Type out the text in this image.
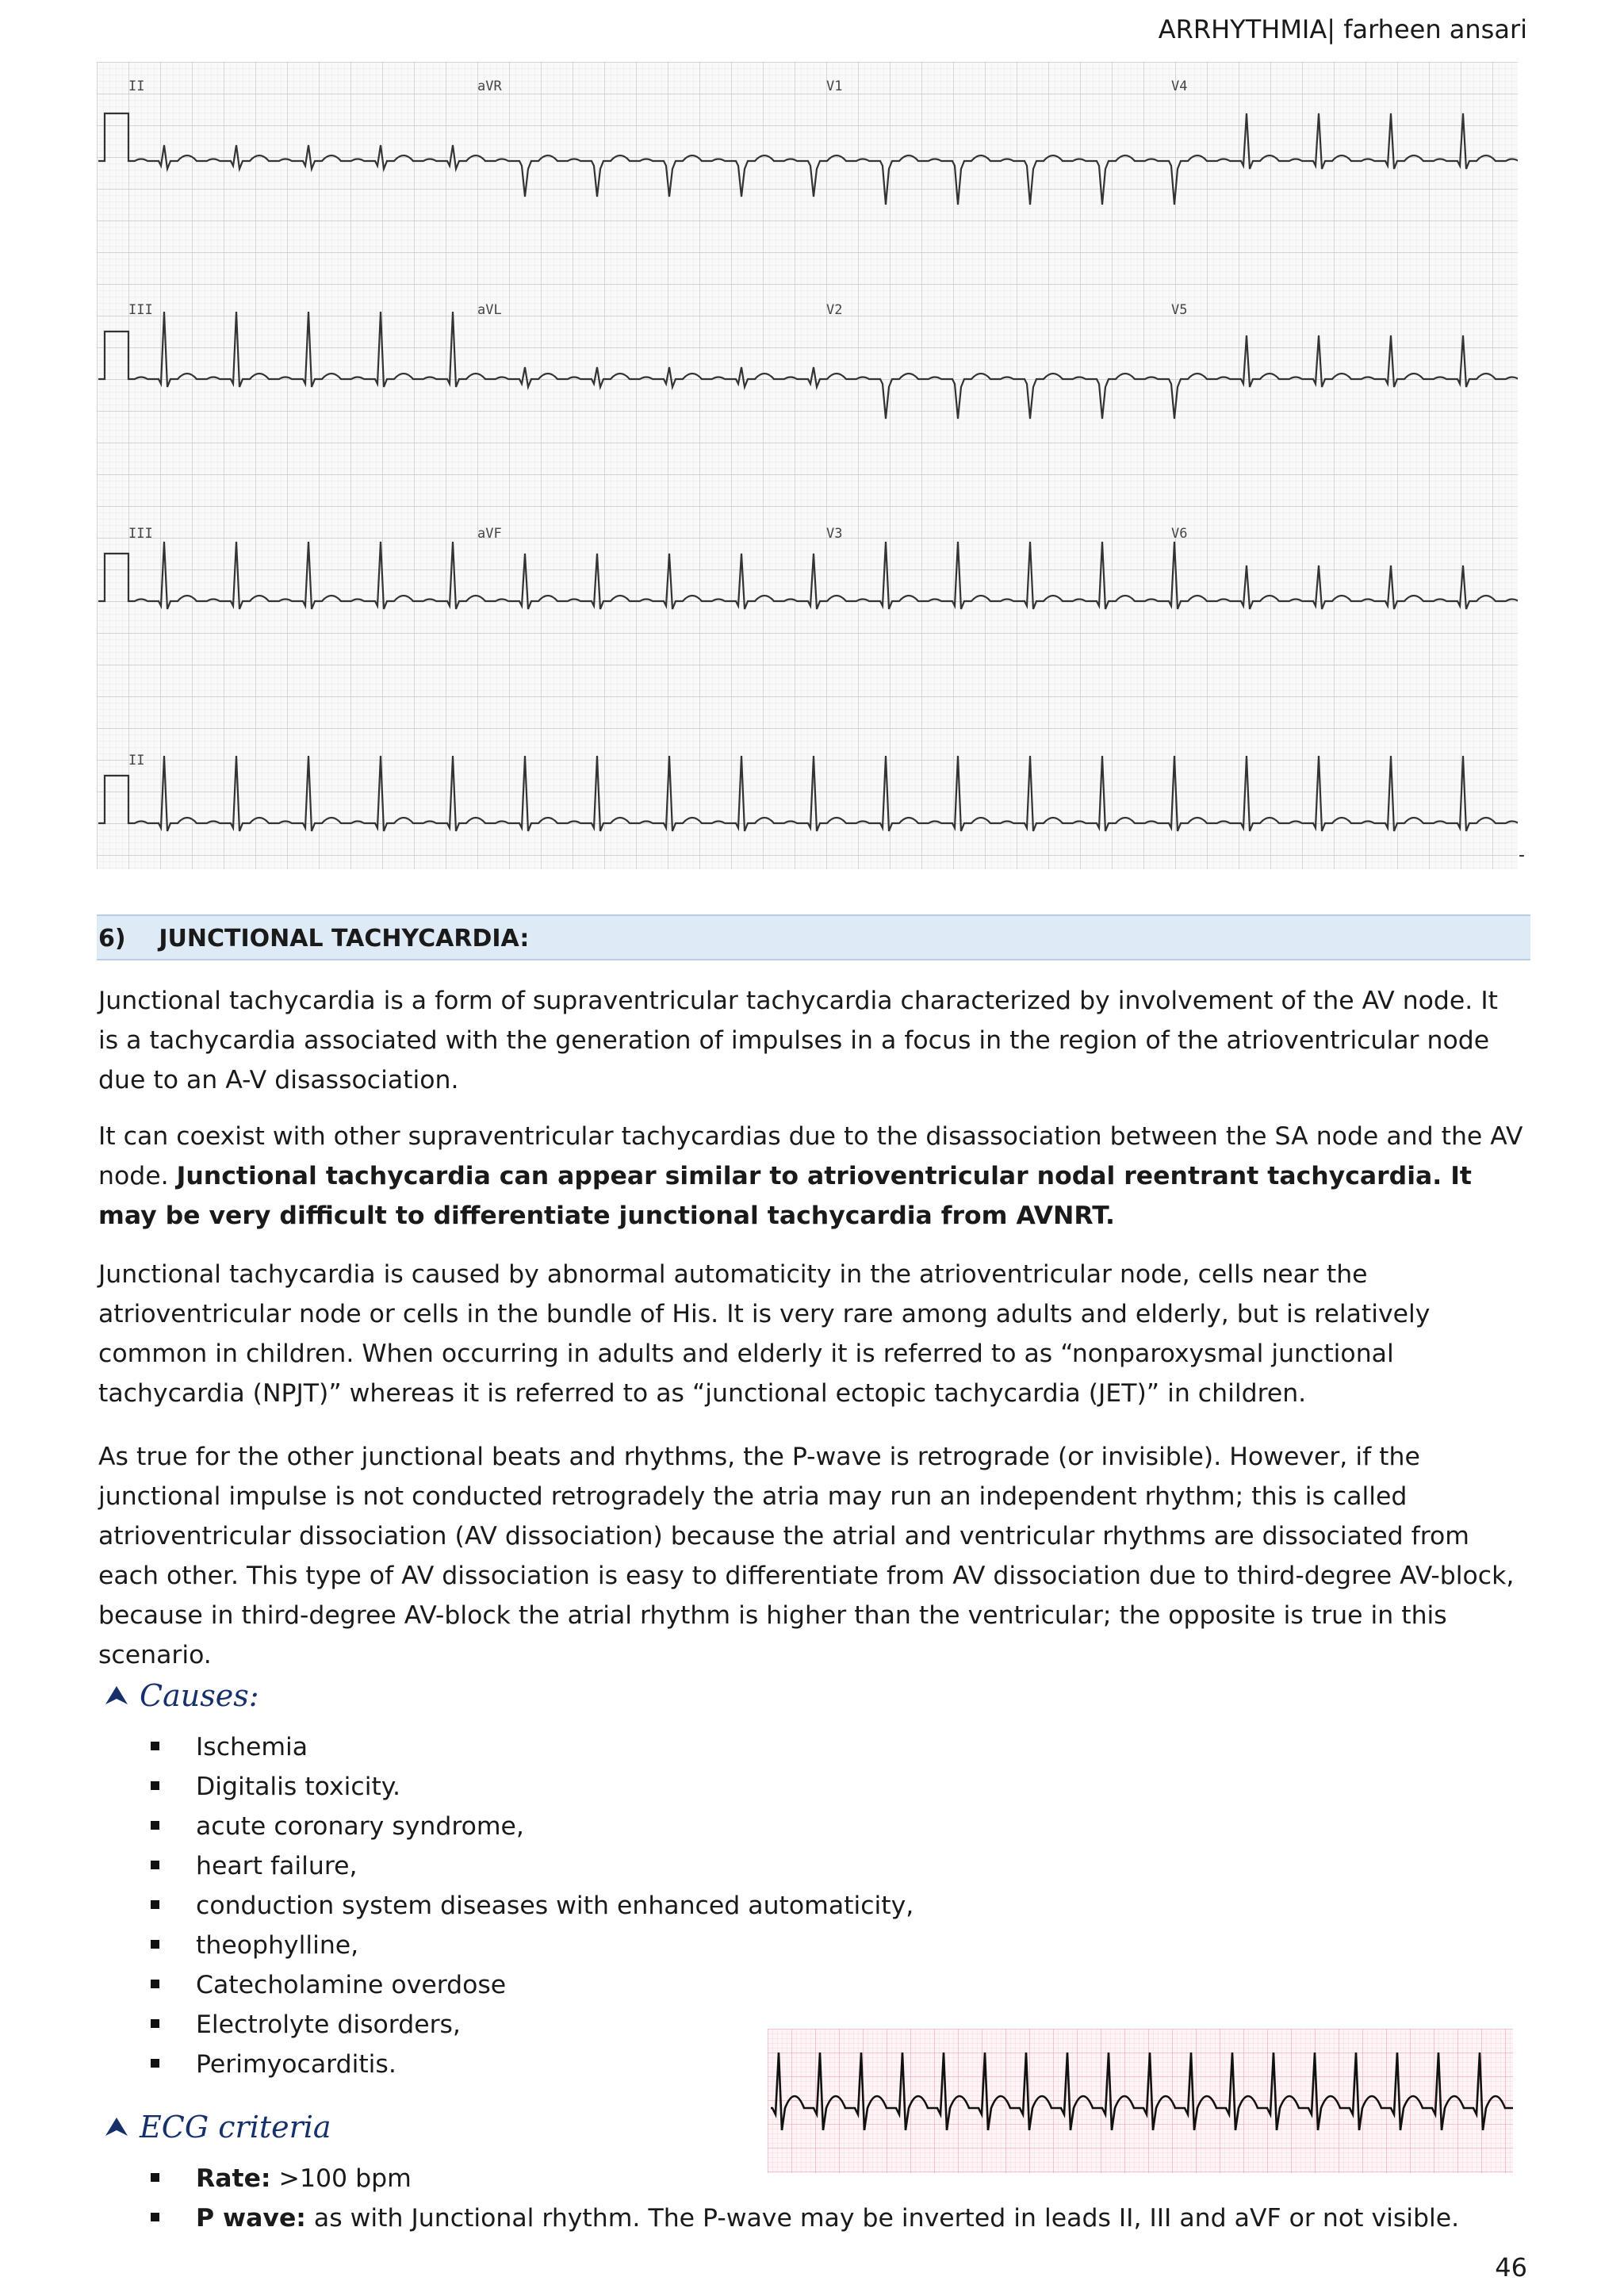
ARRHYTHMIA| farheen ansari
II	aVR	V1	V4
III	aVL	V2	V5
III	aVF	V3	V6
II
-
6)    JUNCTIONAL TACHYCARDIA:

Junctional tachycardia is a form of supraventricular tachycardia characterized by involvement of the AV node. It is a tachycardia associated with the generation of impulses in a focus in the region of the atrioventricular node due to an A-V disassociation.

It can coexist with other supraventricular tachycardias due to the disassociation between the SA node and the AV node. Junctional tachycardia can appear similar to atrioventricular nodal reentrant tachycardia. It may be very difficult to differentiate junctional tachycardia from AVNRT.

Junctional tachycardia is caused by abnormal automaticity in the atrioventricular node, cells near the atrioventricular node or cells in the bundle of His. It is very rare among adults and elderly, but is relatively common in children. When occurring in adults and elderly it is referred to as “nonparoxysmal junctional tachycardia (NPJT)” whereas it is referred to as “junctional ectopic tachycardia (JET)” in children.

As true for the other junctional beats and rhythms, the P-wave is retrograde (or invisible). However, if the junctional impulse is not conducted retrogradely the atria may run an independent rhythm; this is called atrioventricular dissociation (AV dissociation) because the atrial and ventricular rhythms are dissociated from each other. This type of AV dissociation is easy to differentiate from AV dissociation due to third-degree AV-block, because in third-degree AV-block the atrial rhythm is higher than the ventricular; the opposite is true in this scenario.

Causes:
Ischemia
Digitalis toxicity.
acute coronary syndrome,
heart failure,
conduction system diseases with enhanced automaticity,
theophylline,
Catecholamine overdose
Electrolyte disorders,
Perimyocarditis.
ECG criteria
Rate: >100 bpm
P wave: as with Junctional rhythm. The P-wave may be inverted in leads II, III and aVF or not visible.
46
